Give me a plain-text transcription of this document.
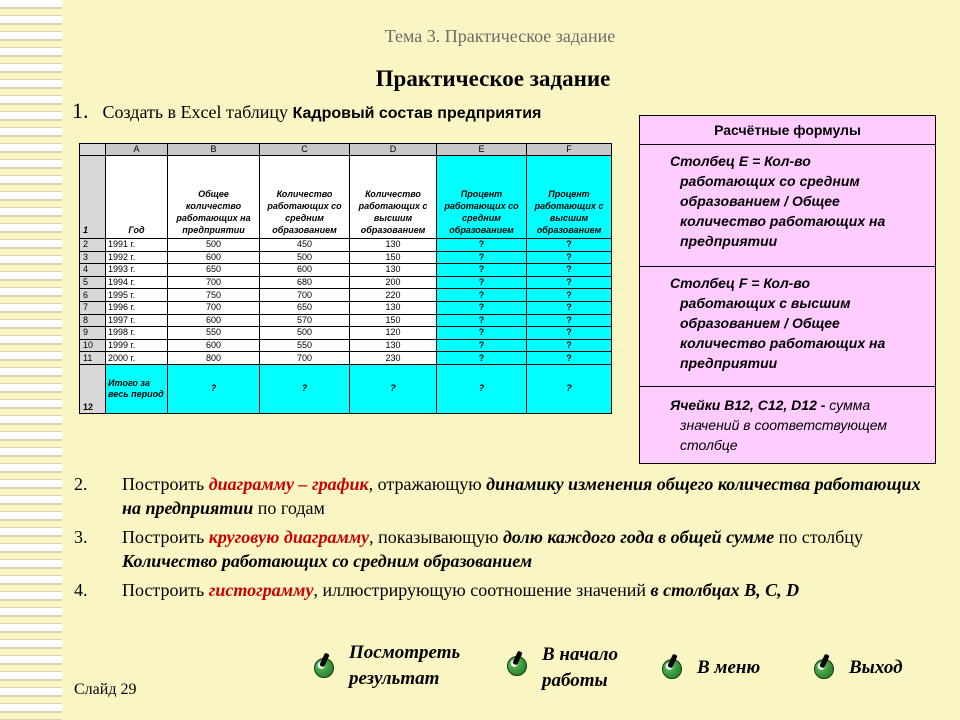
Тема 3. Практическое задание
Практическое задание
1. Создать в Excel таблицу Кадровый состав предприятия
	A	B	C	D	E	F
1	Год	Общее количество работающих на предприятии	Количество работающих со средним образованием	Количество работающих с высшим образованием	Процент работающих со средним образованием	Процент работающих с высшим образованием
2	1991 г.	500	450	130	?	?
3	1992 г.	600	500	150	?	?
4	1993 г.	650	600	130	?	?
5	1994 г.	700	680	200	?	?
6	1995 г.	750	700	220	?	?
7	1996 г.	700	650	130	?	?
8	1997 г.	600	570	150	?	?
9	1998 г.	550	500	120	?	?
10	1999 г.	600	550	130	?	?
11	2000 г.	800	700	230	?	?
12	Итого за весь период	?	?	?	?	?
Расчётные формулы
Столбец E = Кол-во
работающих со средним образованием / Общее количество работающих на предприятии
Столбец F = Кол-во
работающих с высшим образованием / Общее количество работающих на предприятии
Ячейки B12, C12, D12 - сумма
значений в соответствующем столбце
2. Построить диаграмму – график, отражающую динамику изменения общего количества работающих на предприятии по годам
3. Построить круговую диаграмму, показывающую долю каждого года в общей сумме по столбцу Количество работающих со средним образованием
4. Построить гистограмму, иллюстрирующую соотношение значений в столбцах B, C, D
Посмотреть результат
В начало работы
В меню	Выход
Слайд 29
